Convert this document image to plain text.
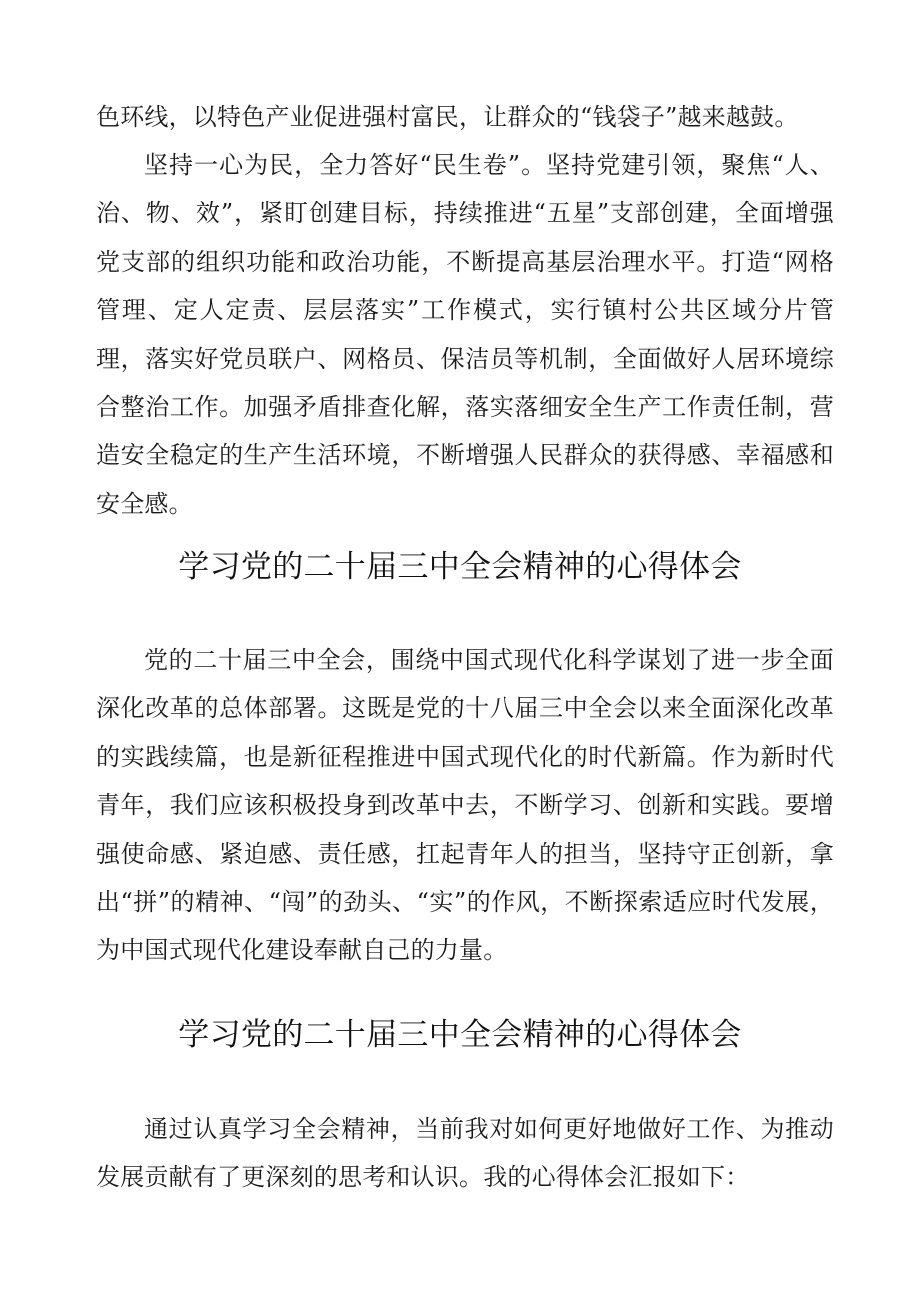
色环线，以特色产业促进强村富民，让群众的“钱袋子”越来越鼓。

坚持一心为民，全力答好“民生卷”。坚持党建引领，聚焦“人、治、物、效”，紧盯创建目标，持续推进“五星”支部创建，全面增强党支部的组织功能和政治功能，不断提高基层治理水平。打造“网格管理、定人定责、层层落实”工作模式，实行镇村公共区域分片管理，落实好党员联户、网格员、保洁员等机制，全面做好人居环境综合整治工作。加强矛盾排查化解，落实落细安全生产工作责任制，营造安全稳定的生产生活环境，不断增强人民群众的获得感、幸福感和安全感。

学习党的二十届三中全会精神的心得体会

党的二十届三中全会，围绕中国式现代化科学谋划了进一步全面深化改革的总体部署。这既是党的十八届三中全会以来全面深化改革的实践续篇，也是新征程推进中国式现代化的时代新篇。作为新时代青年，我们应该积极投身到改革中去，不断学习、创新和实践。要增强使命感、紧迫感、责任感，扛起青年人的担当，坚持守正创新，拿出“拼”的精神、“闯”的劲头、“实”的作风，不断探索适应时代发展，为中国式现代化建设奉献自己的力量。

学习党的二十届三中全会精神的心得体会

通过认真学习全会精神，当前我对如何更好地做好工作、为推动发展贡献有了更深刻的思考和认识。我的心得体会汇报如下：
